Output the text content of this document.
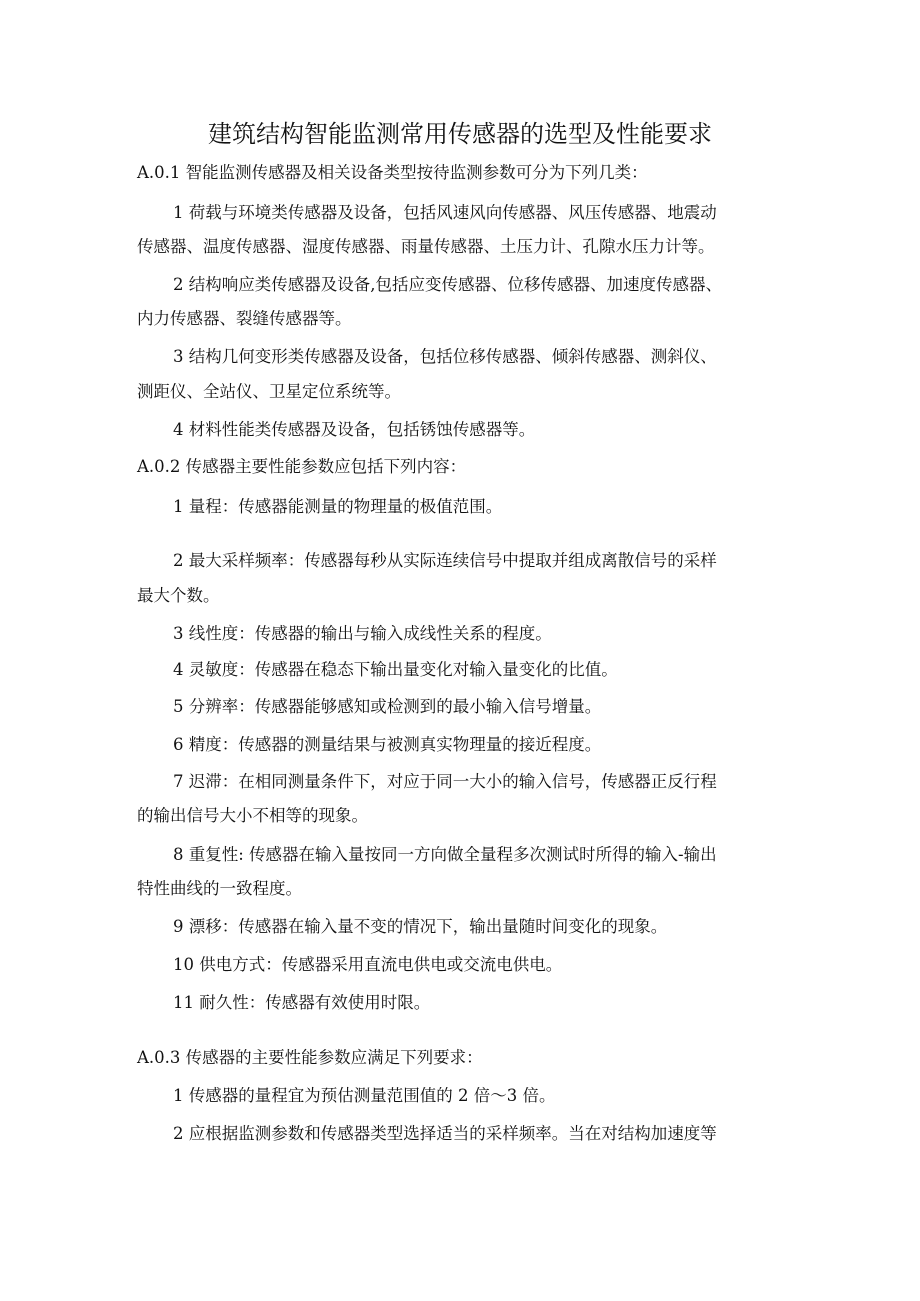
建筑结构智能监测常用传感器的选型及性能要求
A.0.1 智能监测传感器及相关设备类型按待监测参数可分为下列几类：
1 荷载与环境类传感器及设备，包括风速风向传感器、风压传感器、地震动
传感器、温度传感器、湿度传感器、雨量传感器、土压力计、孔隙水压力计等。
2 结构响应类传感器及设备,包括应变传感器、位移传感器、加速度传感器、
内力传感器、裂缝传感器等。
3 结构几何变形类传感器及设备，包括位移传感器、倾斜传感器、测斜仪、
测距仪、全站仪、卫星定位系统等。
4 材料性能类传感器及设备，包括锈蚀传感器等。
A.0.2 传感器主要性能参数应包括下列内容：
1 量程：传感器能测量的物理量的极值范围。
2 最大采样频率：传感器每秒从实际连续信号中提取并组成离散信号的采样
最大个数。
3 线性度：传感器的输出与输入成线性关系的程度。
4 灵敏度：传感器在稳态下输出量变化对输入量变化的比值。
5 分辨率：传感器能够感知或检测到的最小输入信号增量。
6 精度：传感器的测量结果与被测真实物理量的接近程度。
7 迟滞：在相同测量条件下，对应于同一大小的输入信号，传感器正反行程
的输出信号大小不相等的现象。
8 重复性: 传感器在输入量按同一方向做全量程多次测试时所得的输入-输出
特性曲线的一致程度。
9 漂移：传感器在输入量不变的情况下，输出量随时间变化的现象。
10 供电方式：传感器采用直流电供电或交流电供电。
11 耐久性：传感器有效使用时限。
A.0.3 传感器的主要性能参数应满足下列要求：
1 传感器的量程宜为预估测量范围值的 2 倍～3 倍。
2 应根据监测参数和传感器类型选择适当的采样频率。当在对结构加速度等
